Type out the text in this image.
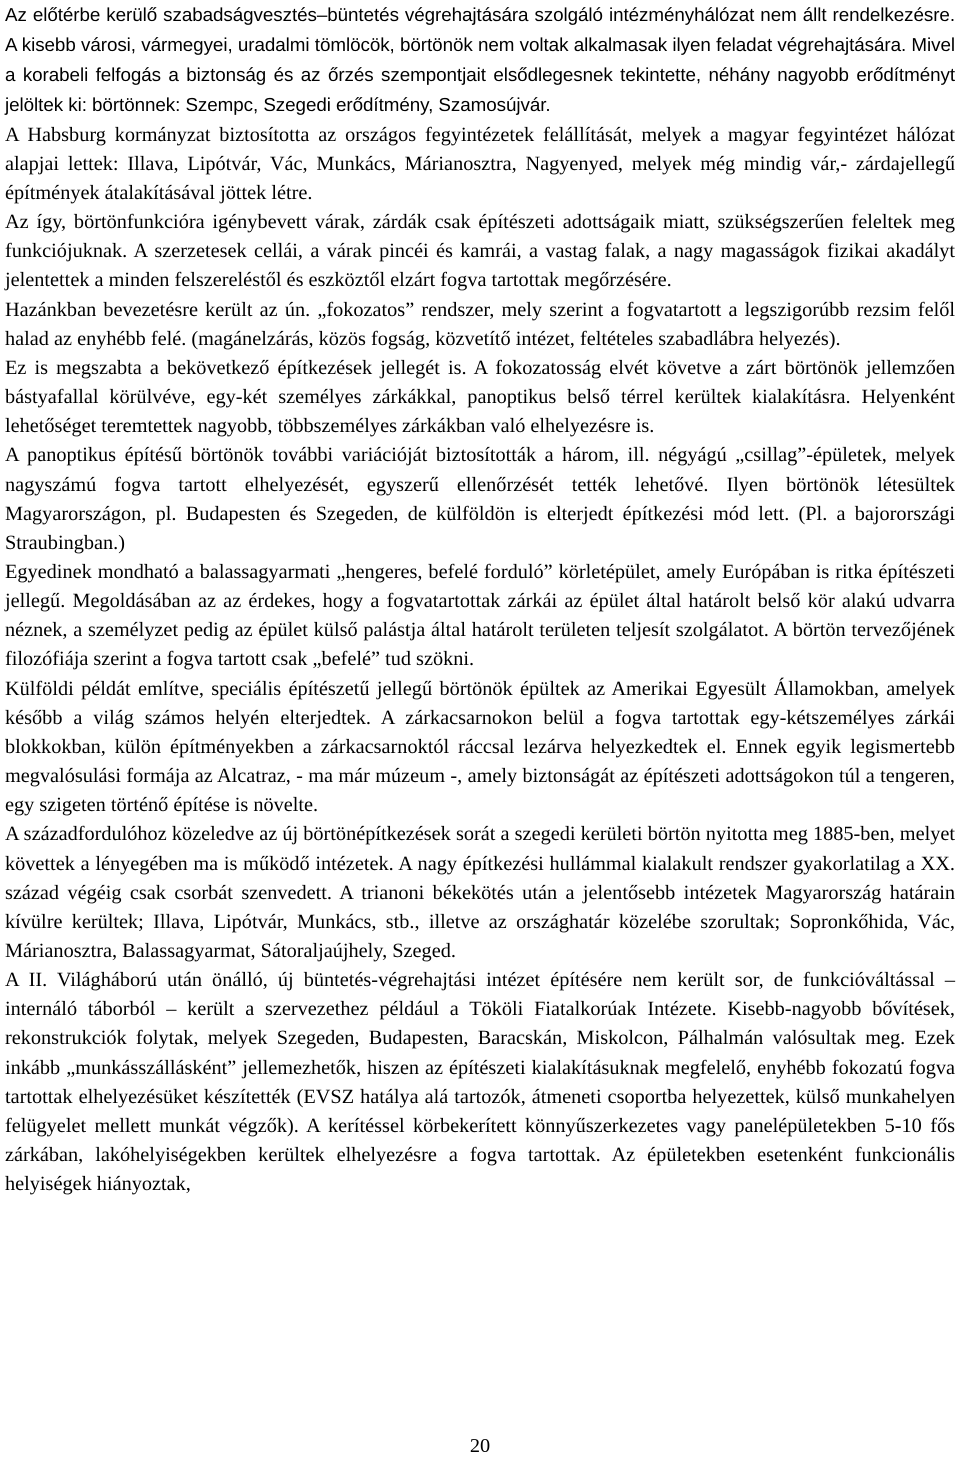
Az előtérbe kerülő szabadságvesztés–büntetés végrehajtására szolgáló intézményhálózat nem állt rendelkezésre. A kisebb városi, vármegyei, uradalmi tömlöcök, börtönök nem voltak alkalmasak ilyen feladat végrehajtására. Mivel a korabeli felfogás a biztonság és az őrzés szempontjait elsődlegesnek tekintette, néhány nagyobb erődítményt jelöltek ki: börtönnek: Szempc, Szegedi erődítmény, Szamosújvár.

A Habsburg kormányzat biztosította az országos fegyintézetek felállítását, melyek a magyar fegyintézet hálózat alapjai lettek: Illava, Lipótvár, Vác, Munkács, Márianosztra, Nagyenyed, melyek még mindig vár,- zárdajellegű építmények átalakításával jöttek létre.

Az így, börtönfunkcióra igénybevett várak, zárdák csak építészeti adottságaik miatt, szükségszerűen feleltek meg funkciójuknak. A szerzetesek cellái, a várak pincéi és kamrái, a vastag falak, a nagy magasságok fizikai akadályt jelentettek a minden felszereléstől és eszköztől elzárt fogva tartottak megőrzésére.

Hazánkban bevezetésre került az ún. „fokozatos” rendszer, mely szerint a fogvatartott a legszigorúbb rezsim felől halad az enyhébb felé. (magánelzárás, közös fogság, közvetítő intézet, feltételes szabadlábra helyezés).

Ez is megszabta a bekövetkező építkezések jellegét is. A fokozatosság elvét követve a zárt börtönök jellemzően bástyafallal körülvéve, egy-két személyes zárkákkal, panoptikus belső térrel kerültek kialakításra. Helyenként lehetőséget teremtettek nagyobb, többszemélyes zárkákban való elhelyezésre is.

A panoptikus építésű börtönök további variációját biztosították a három, ill. négyágú „csillag”-épületek, melyek nagyszámú fogva tartott elhelyezését, egyszerű ellenőrzését tették lehetővé. Ilyen börtönök létesültek Magyarországon, pl. Budapesten és Szegeden, de külföldön is elterjedt építkezési mód lett. (Pl. a bajorországi Straubingban.)

Egyedinek mondható a balassagyarmati „hengeres, befelé forduló” körletépület, amely Európában is ritka építészeti jellegű. Megoldásában az az érdekes, hogy a fogvatartottak zárkái az épület által határolt belső kör alakú udvarra néznek, a személyzet pedig az épület külső palástja által határolt területen teljesít szolgálatot. A börtön tervezőjének filozófiája szerint a fogva tartott csak „befelé” tud szökni.

Külföldi példát említve, speciális építészetű jellegű börtönök épültek az Amerikai Egyesült Államokban, amelyek később a világ számos helyén elterjedtek. A zárkacsarnokon belül a fogva tartottak egy-kétszemélyes zárkái blokkokban, külön építményekben a zárkacsarnoktól ráccsal lezárva helyezkedtek el. Ennek egyik legismertebb megvalósulási formája az Alcatraz, - ma már múzeum -, amely biztonságát az építészeti adottságokon túl a tengeren, egy szigeten történő építése is növelte.

A századfordulóhoz közeledve az új börtönépítkezések sorát a szegedi kerületi börtön nyitotta meg 1885-ben, melyet követtek a lényegében ma is működő intézetek. A nagy építkezési hullámmal kialakult rendszer gyakorlatilag a XX. század végéig csak csorbát szenvedett. A trianoni békekötés után a jelentősebb intézetek Magyarország határain kívülre kerültek; Illava, Lipótvár, Munkács, stb., illetve az országhatár közelébe szorultak; Sopronkőhida, Vác, Márianosztra, Balassagyarmat, Sátoraljaújhely, Szeged.

A II. Világháború után önálló, új büntetés-végrehajtási intézet építésére nem került sor, de funkcióváltással – internáló táborból – került a szervezethez például a Tököli Fiatalkorúak Intézete. Kisebb-nagyobb bővítések, rekonstrukciók folytak, melyek Szegeden, Budapesten, Baracskán, Miskolcon, Pálhalmán valósultak meg. Ezek inkább „munkásszállásként” jellemezhetők, hiszen az építészeti kialakításuknak megfelelő, enyhébb fokozatú fogva tartottak elhelyezésüket készítették (EVSZ hatálya alá tartozók, átmeneti csoportba helyezettek, külső munkahelyen felügyelet mellett munkát végzők). A kerítéssel körbekerített könnyűszerkezetes vagy panelépületekben 5-10 fős zárkában, lakóhelyiségekben kerültek elhelyezésre a fogva tartottak. Az épületekben esetenként funkcionális helyiségek hiányoztak,

20
